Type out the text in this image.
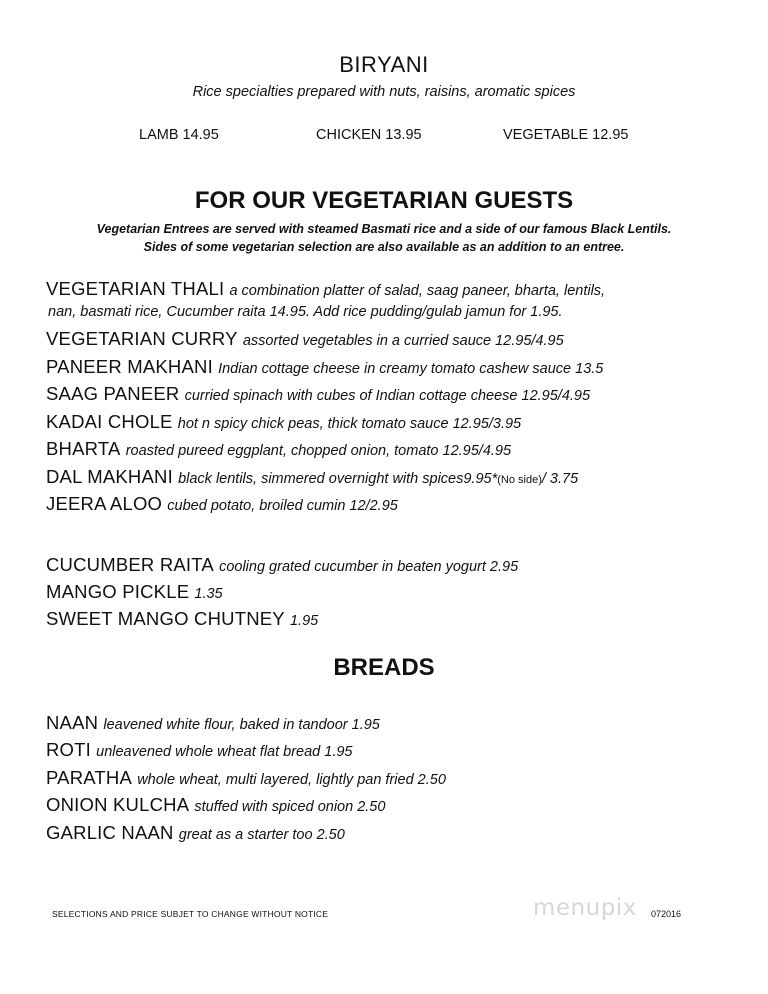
BIRYANI
Rice specialties prepared with nuts, raisins, aromatic spices
LAMB 14.95	CHICKEN 13.95	VEGETABLE 12.95
FOR OUR VEGETARIAN GUESTS
Vegetarian Entrees are served with steamed Basmati rice and a side of our famous Black Lentils.
Sides of some vegetarian selection are also available as an addition to an entree.
VEGETARIAN THALI a combination platter of salad, saag paneer, bharta, lentils,
nan, basmati rice, Cucumber raita 14.95. Add rice pudding/gulab jamun for 1.95.
VEGETARIAN CURRY assorted vegetables in a curried sauce 12.95/4.95
PANEER MAKHANI Indian cottage cheese in creamy tomato cashew sauce 13.5
SAAG PANEER curried spinach with cubes of Indian cottage cheese 12.95/4.95
KADAI CHOLE hot n spicy chick peas, thick tomato sauce 12.95/3.95
BHARTA roasted pureed eggplant, chopped onion, tomato 12.95/4.95
DAL MAKHANI black lentils, simmered overnight with spices9.95*(No side)/ 3.75
JEERA ALOO cubed potato, broiled cumin 12/2.95
CUCUMBER RAITA cooling grated cucumber in beaten yogurt 2.95
MANGO PICKLE 1.35
SWEET MANGO CHUTNEY 1.95
BREADS
NAAN leavened white flour, baked in tandoor 1.95
ROTI unleavened whole wheat flat bread 1.95
PARATHA whole wheat, multi layered, lightly pan fried 2.50
ONION KULCHA stuffed with spiced onion 2.50
GARLIC NAAN great as a starter too 2.50
SELECTIONS AND PRICE SUBJET TO CHANGE WITHOUT NOTICE	menupix 072016
